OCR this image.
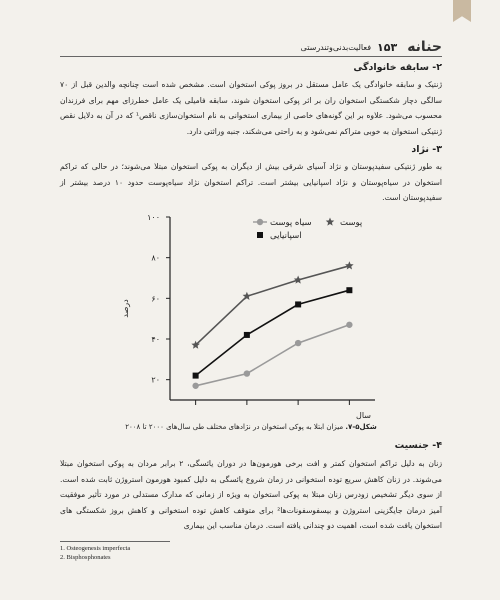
حنانه
۱۵۳
فعالیت‌بدنی‌وتندرستی
۲- سابقه خانوادگی
ژنتیک و سابقه خانوادگی یک عامل مستقل در بروز پوکی استخوان است. مشخص شده است چنانچه والدین قبل از ۷۰ سالگی دچار شکستگی استخوان ران بر اثر پوکی استخوان شوند، سابقه فامیلی یک عامل خطرزای مهم برای فرزندان محسوب می‌شود. علاوه بر این گونه‌های خاصی از بیماری استخوانی به نام استخوان‌سازی ناقص¹ که در آن به دلایل نقص ژنتیکی استخوان به خوبی متراکم نمی‌شود و به راحتی می‌شکند، جنبه وراثتی دارد.
۳- نژاد
به طور ژنتیکی سفیدپوستان و نژاد آسیای شرقی بیش از دیگران به پوکی استخوان مبتلا می‌شوند؛ در حالی که تراکم استخوان در سیاه‌پوستان و نژاد اسپانیایی بیشتر است. تراکم استخوان نژاد سیاه‌پوست حدود ۱۰ درصد بیشتر از سفیدپوستان است.
۲۰
۴۰
۶۰
۸۰
۱۰۰
پوست
اسپانیایی
سیاه پوست
درصد
سال
شکل۵-۷. میزان ابتلا به پوکی استخوان در نژادهای مختلف طی سال‌های ۲۰۰۰ تا ۲۰۰۸
۴- جنسیت
زنان به دلیل تراکم استخوان کمتر و افت برخی هورمون‌ها در دوران یائسگی، ۲ برابر مردان به پوکی استخوان مبتلا می‌شوند. در زنان کاهش سریع توده استخوانی در زمان شروع یائسگی به دلیل کمبود هورمون استروژن ثابت شده است. از سوی دیگر تشخیص زودرس زنان مبتلا به پوکی استخوان به ویژه از زمانی که مدارک مستدلی در مورد تأثیر موفقیت آمیز درمان جایگزینی استروژن و بیسفوسفونات‌ها² برای متوقف کاهش توده استخوانی و کاهش بروز شکستگی های استخوان یافت شده است، اهمیت دو چندانی یافته است. درمان مناسب این بیماری
1. Osteogenesis imperfecta
2. Bisphosphonates
